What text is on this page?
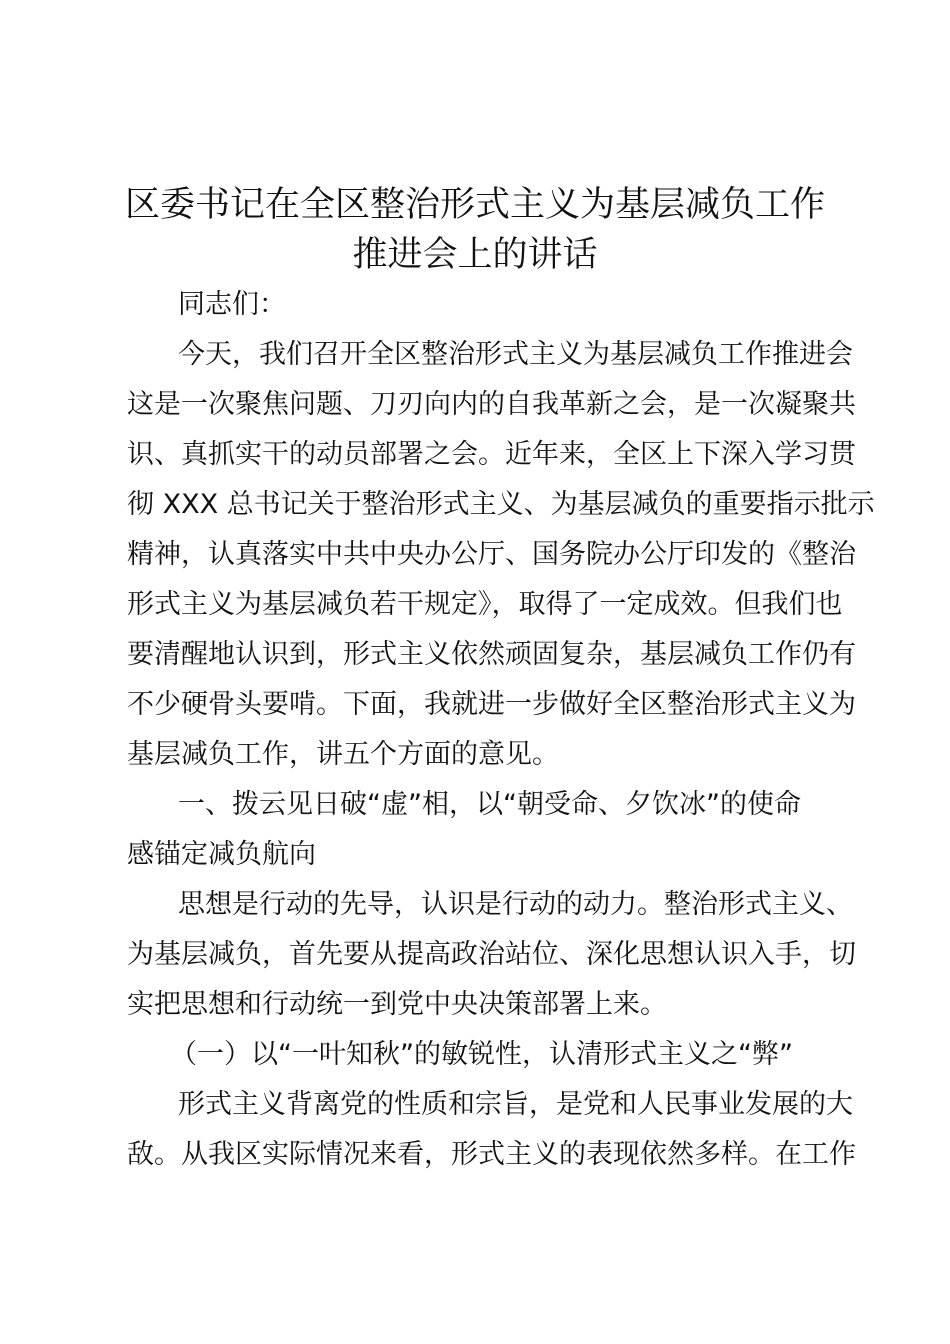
区委书记在全区整治形式主义为基层减负工作
推进会上的讲话
同志们：
今天，我们召开全区整治形式主义为基层减负工作推进会
这是一次聚焦问题、刀刃向内的自我革新之会，是一次凝聚共
识、真抓实干的动员部署之会。近年来，全区上下深入学习贯
彻 XXX 总书记关于整治形式主义、为基层减负的重要指示批示
精神，认真落实中共中央办公厅、国务院办公厅印发的《整治
形式主义为基层减负若干规定》，取得了一定成效。但我们也
要清醒地认识到，形式主义依然顽固复杂，基层减负工作仍有
不少硬骨头要啃。下面，我就进一步做好全区整治形式主义为
基层减负工作，讲五个方面的意见。
一、拨云见日破“虚”相，以“朝受命、夕饮冰”的使命
感锚定减负航向
思想是行动的先导，认识是行动的动力。整治形式主义、
为基层减负，首先要从提高政治站位、深化思想认识入手，切
实把思想和行动统一到党中央决策部署上来。
（一）以“一叶知秋”的敏锐性，认清形式主义之“弊”
形式主义背离党的性质和宗旨，是党和人民事业发展的大
敌。从我区实际情况来看，形式主义的表现依然多样。在工作
